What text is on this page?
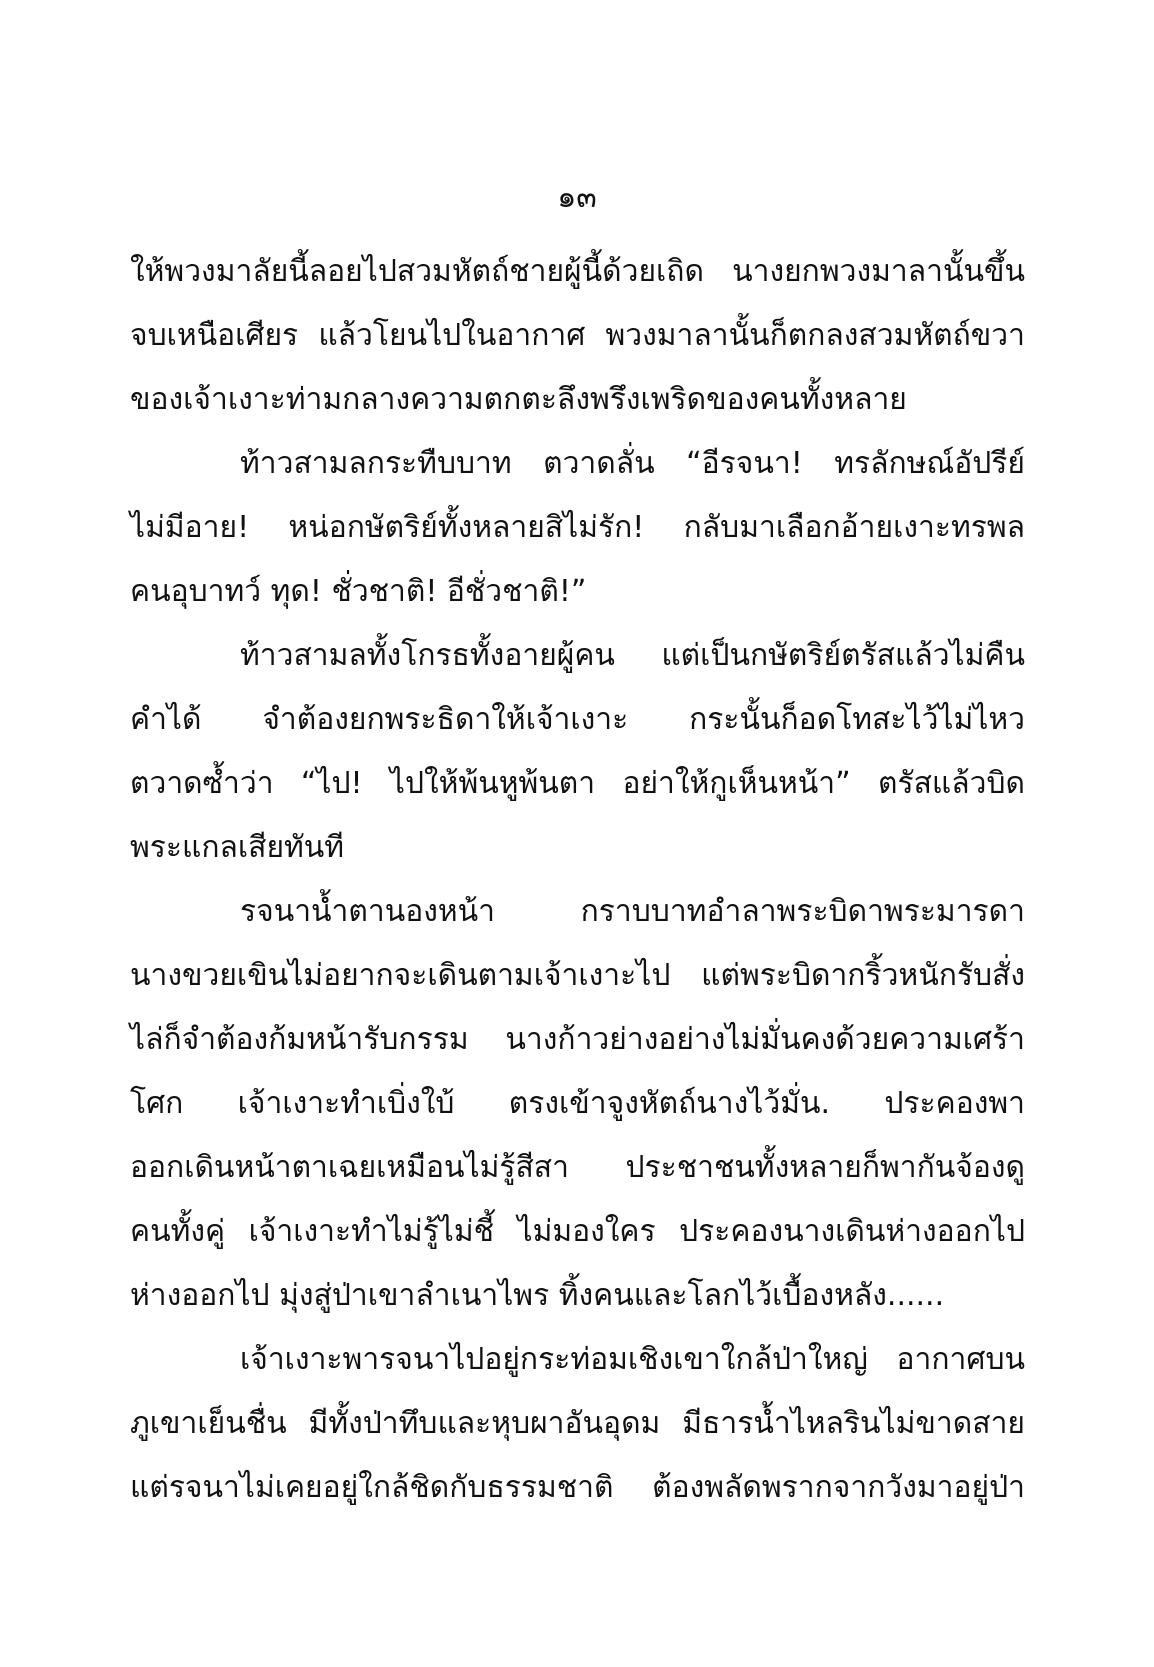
๑๓
ให้พวงมาลัยนี้ลอยไปสวมหัตถ์ชายผู้นี้ด้วยเถิด นางยกพวงมาลานั้นขึ้น
จบเหนือเศียร แล้วโยนไปในอากาศ พวงมาลานั้นก็ตกลงสวมหัตถ์ขวา
ของเจ้าเงาะท่ามกลางความตกตะลึงพรึงเพริดของคนทั้งหลาย
ท้าวสามลกระทืบบาท ตวาดลั่น “อีรจนา! ทรลักษณ์อัปรีย์
ไม่มีอาย! หน่อกษัตริย์ทั้งหลายสิไม่รัก! กลับมาเลือกอ้ายเงาะทรพล
คนอุบาทว์ ทุด! ชั่วชาติ! อีชั่วชาติ!”
ท้าวสามลทั้งโกรธทั้งอายผู้คน แต่เป็นกษัตริย์ตรัสแล้วไม่คืน
คำได้ จำต้องยกพระธิดาให้เจ้าเงาะ กระนั้นก็อดโทสะไว้ไม่ไหว
ตวาดซ้ำว่า “ไป! ไปให้พ้นหูพ้นตา อย่าให้กูเห็นหน้า” ตรัสแล้วบิด
พระแกลเสียทันที
รจนาน้ำตานองหน้า กราบบาทอำลาพระบิดาพระมารดา
นางขวยเขินไม่อยากจะเดินตามเจ้าเงาะไป แต่พระบิดากริ้วหนักรับสั่ง
ไล่ก็จำต้องก้มหน้ารับกรรม นางก้าวย่างอย่างไม่มั่นคงด้วยความเศร้า
โศก เจ้าเงาะทำเบิ่งใบ้ ตรงเข้าจูงหัตถ์นางไว้มั่น. ประคองพา
ออกเดินหน้าตาเฉยเหมือนไม่รู้สีสา ประชาชนทั้งหลายก็พากันจ้องดู
คนทั้งคู่ เจ้าเงาะทำไม่รู้ไม่ชี้ ไม่มองใคร ประคองนางเดินห่างออกไป
ห่างออกไป มุ่งสู่ป่าเขาลำเนาไพร ทิ้งคนและโลกไว้เบื้องหลัง......
เจ้าเงาะพารจนาไปอยู่กระท่อมเชิงเขาใกล้ป่าใหญ่ อากาศบน
ภูเขาเย็นชื่น มีทั้งป่าทึบและหุบผาอันอุดม มีธารน้ำไหลรินไม่ขาดสาย
แต่รจนาไม่เคยอยู่ใกล้ชิดกับธรรมชาติ ต้องพลัดพรากจากวังมาอยู่ป่า
